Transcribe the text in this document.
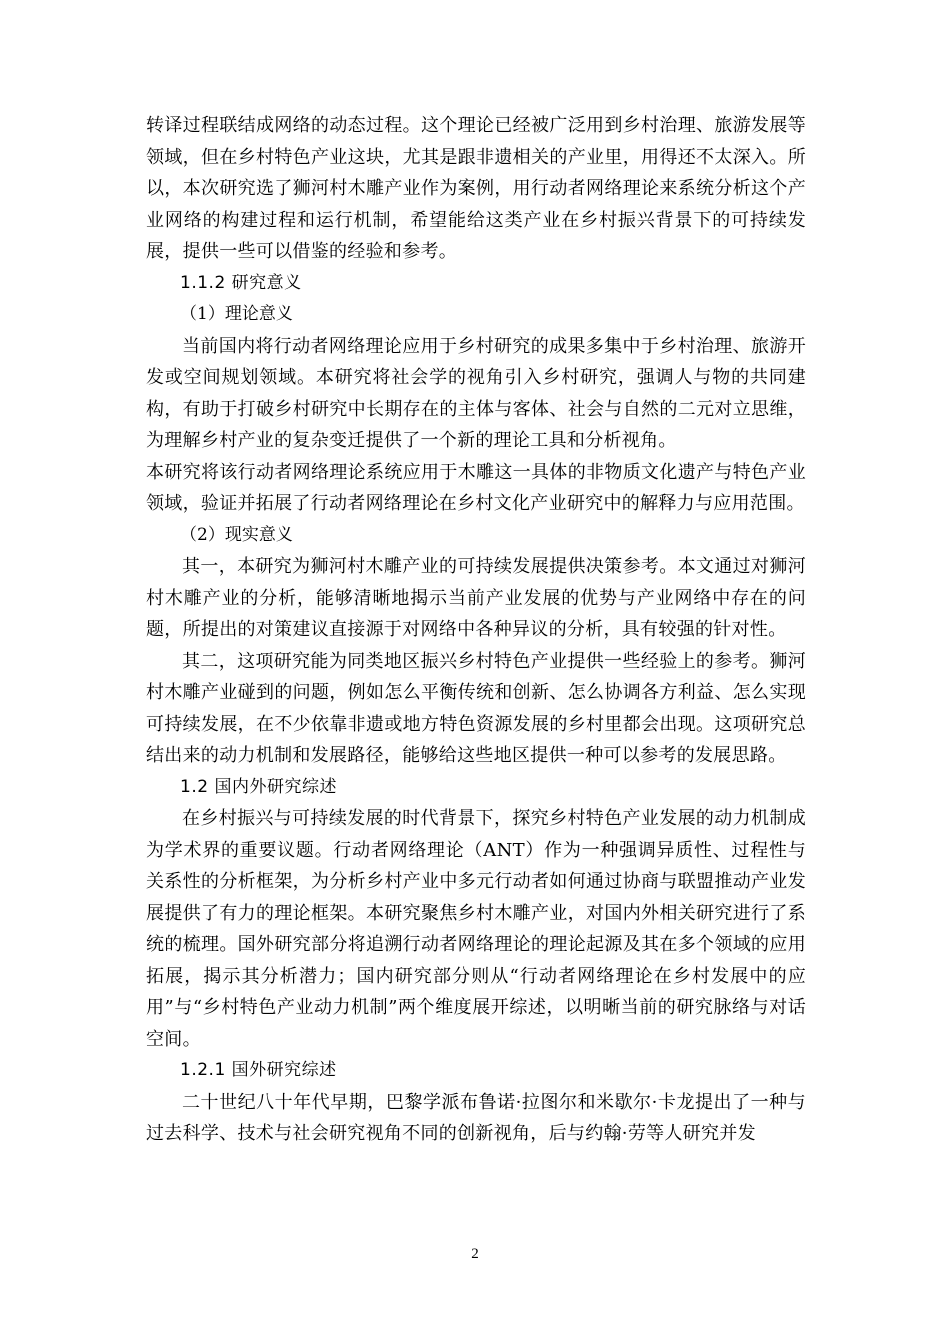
转译过程联结成网络的动态过程。这个理论已经被广泛用到乡村治理、旅游发展等领域，但在乡村特色产业这块，尤其是跟非遗相关的产业里，用得还不太深入。所以，本次研究选了狮河村木雕产业作为案例，用行动者网络理论来系统分析这个产业网络的构建过程和运行机制，希望能给这类产业在乡村振兴背景下的可持续发展，提供一些可以借鉴的经验和参考。

1.1.2 研究意义

（1）理论意义

当前国内将行动者网络理论应用于乡村研究的成果多集中于乡村治理、旅游开发或空间规划领域。本研究将社会学的视角引入乡村研究，强调人与物的共同建构，有助于打破乡村研究中长期存在的主体与客体、社会与自然的二元对立思维，为理解乡村产业的复杂变迁提供了一个新的理论工具和分析视角。

本研究将该行动者网络理论系统应用于木雕这一具体的非物质文化遗产与特色产业领域，验证并拓展了行动者网络理论在乡村文化产业研究中的解释力与应用范围。

（2）现实意义

其一，本研究为狮河村木雕产业的可持续发展提供决策参考。本文通过对狮河村木雕产业的分析，能够清晰地揭示当前产业发展的优势与产业网络中存在的问题，所提出的对策建议直接源于对网络中各种异议的分析，具有较强的针对性。

其二，这项研究能为同类地区振兴乡村特色产业提供一些经验上的参考。狮河村木雕产业碰到的问题，例如怎么平衡传统和创新、怎么协调各方利益、怎么实现可持续发展，在不少依靠非遗或地方特色资源发展的乡村里都会出现。这项研究总结出来的动力机制和发展路径，能够给这些地区提供一种可以参考的发展思路。

1.2 国内外研究综述

在乡村振兴与可持续发展的时代背景下，探究乡村特色产业发展的动力机制成为学术界的重要议题。行动者网络理论（ANT）作为一种强调异质性、过程性与关系性的分析框架，为分析乡村产业中多元行动者如何通过协商与联盟推动产业发展提供了有力的理论框架。本研究聚焦乡村木雕产业，对国内外相关研究进行了系统的梳理。国外研究部分将追溯行动者网络理论的理论起源及其在多个领域的应用拓展，揭示其分析潜力；国内研究部分则从“行动者网络理论在乡村发展中的应用”与“乡村特色产业动力机制”两个维度展开综述，以明晰当前的研究脉络与对话空间。

1.2.1 国外研究综述

二十世纪八十年代早期，巴黎学派布鲁诺·拉图尔和米歇尔·卡龙提出了一种与过去科学、技术与社会研究视角不同的创新视角，后与约翰·劳等人研究并发

2
